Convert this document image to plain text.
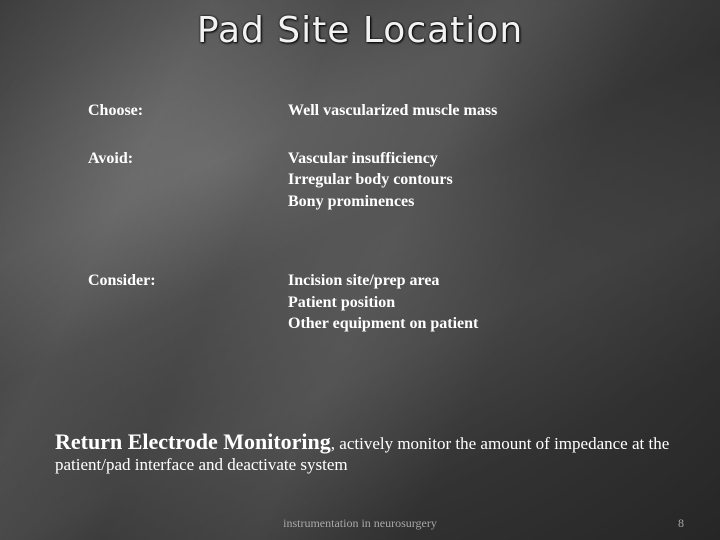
Pad Site Location
Choose:	Well vascularized muscle mass
Avoid:	Vascular insufficiency
Irregular body contours
Bony prominences
Consider:	Incision site/prep area
Patient position
Other equipment on patient

Return Electrode Monitoring, actively monitor the amount of impedance at the patient/pad interface and deactivate system

instrumentation in neurosurgery	8
